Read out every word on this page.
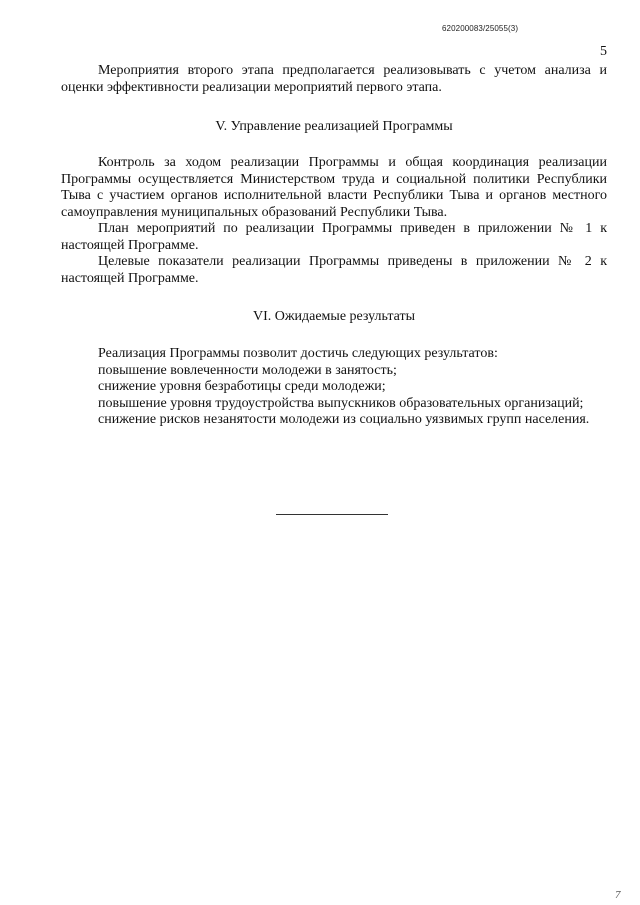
620200083/25055(3)
5

Мероприятия второго этапа предполагается реализовывать с учетом анализа и оценки эффективности реализации мероприятий первого этапа.

V. Управление реализацией Программы

Контроль за ходом реализации Программы и общая координация реализации Программы осуществляется Министерством труда и социальной политики Республики Тыва с участием органов исполнительной власти Республики Тыва и органов местного самоуправления муниципальных образований Республики Тыва.

План мероприятий по реализации Программы приведен в приложении № 1 к настоящей Программе.

Целевые показатели реализации Программы приведены в приложении № 2 к настоящей Программе.

VI. Ожидаемые результаты

Реализация Программы позволит достичь следующих результатов:

повышение вовлеченности молодежи в занятость;

снижение уровня безработицы среди молодежи;

повышение уровня трудоустройства выпускников образовательных организаций;

снижение рисков незанятости молодежи из социально уязвимых групп населения.

7
